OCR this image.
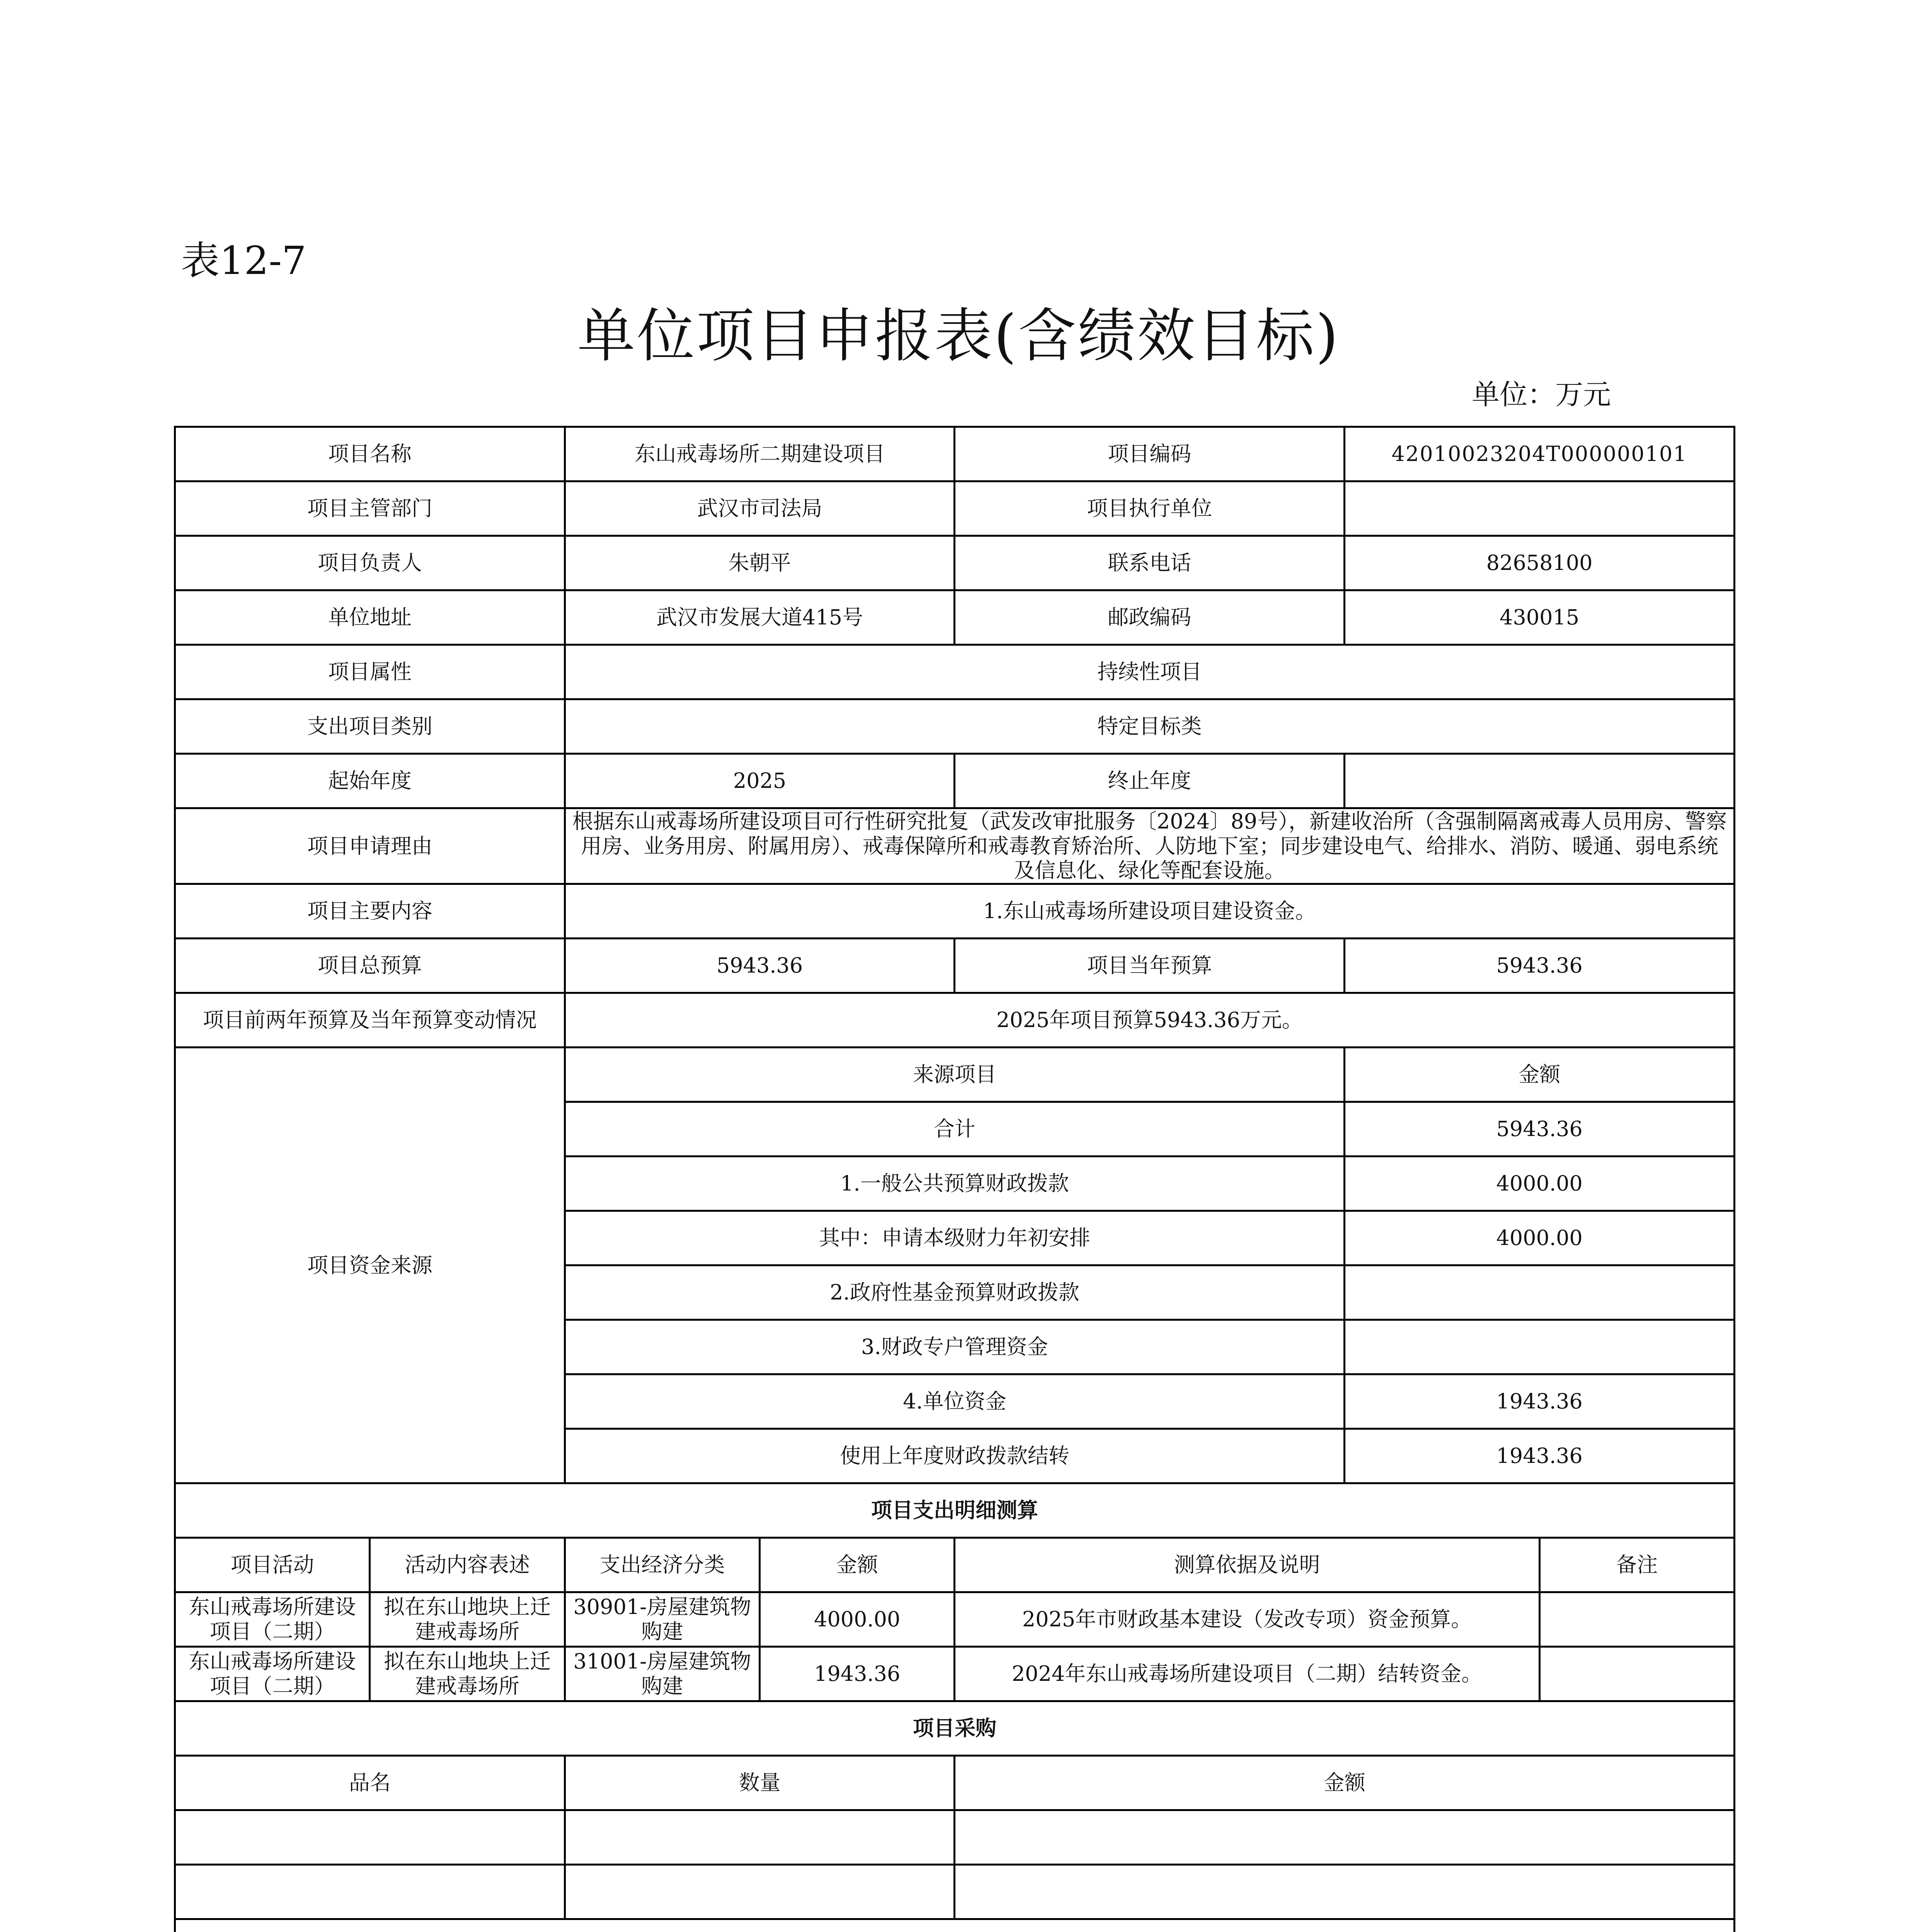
表12-7
单位项目申报表(含绩效目标)
单位：万元
项目名称		东山戒毒场所二期建设项目		项目编码		42010023204T000000101	
项目主管部门		武汉市司法局		项目执行单位			
项目负责人		朱朝平		联系电话		82658100	
单位地址		武汉市发展大道415号		邮政编码		430015	
项目属性		持续性项目					
支出项目类别		特定目标类					
起始年度		2025		终止年度			
项目申请理由		根据东山戒毒场所建设项目可行性研究批复（武发改审批服务〔2024〕89号），新建收治所（含强制隔离戒毒人员用房、警察用房、业务用房、附属用房）、戒毒保障所和戒毒教育矫治所、人防地下室；同步建设电气、给排水、消防、暖通、弱电系统及信息化、绿化等配套设施。					
项目主要内容		1.东山戒毒场所建设项目建设资金。					
项目总预算		5943.36		项目当年预算		5943.36	
项目前两年预算及当年预算变动情况		2025年项目预算5943.36万元。					
项目资金来源		来源项目				金额	
		合计				5943.36	
		1.一般公共预算财政拨款				4000.00	
		其中：申请本级财力年初安排				4000.00	
		2.政府性基金预算财政拨款					
		3.财政专户管理资金					
		4.单位资金				1943.36	
		使用上年度财政拨款结转				1943.36	
项目支出明细测算							
项目活动	活动内容表述	支出经济分类	金额	测算依据及说明			备注
东山戒毒场所建设项目（二期）	拟在东山地块上迁建戒毒场所	30901-房屋建筑物购建	4000.00	2025年市财政基本建设（发改专项）资金预算。			
东山戒毒场所建设项目（二期）	拟在东山地块上迁建戒毒场所	31001-房屋建筑物购建	1943.36	2024年东山戒毒场所建设项目（二期）结转资金。			
项目采购							
品名		数量		金额			
